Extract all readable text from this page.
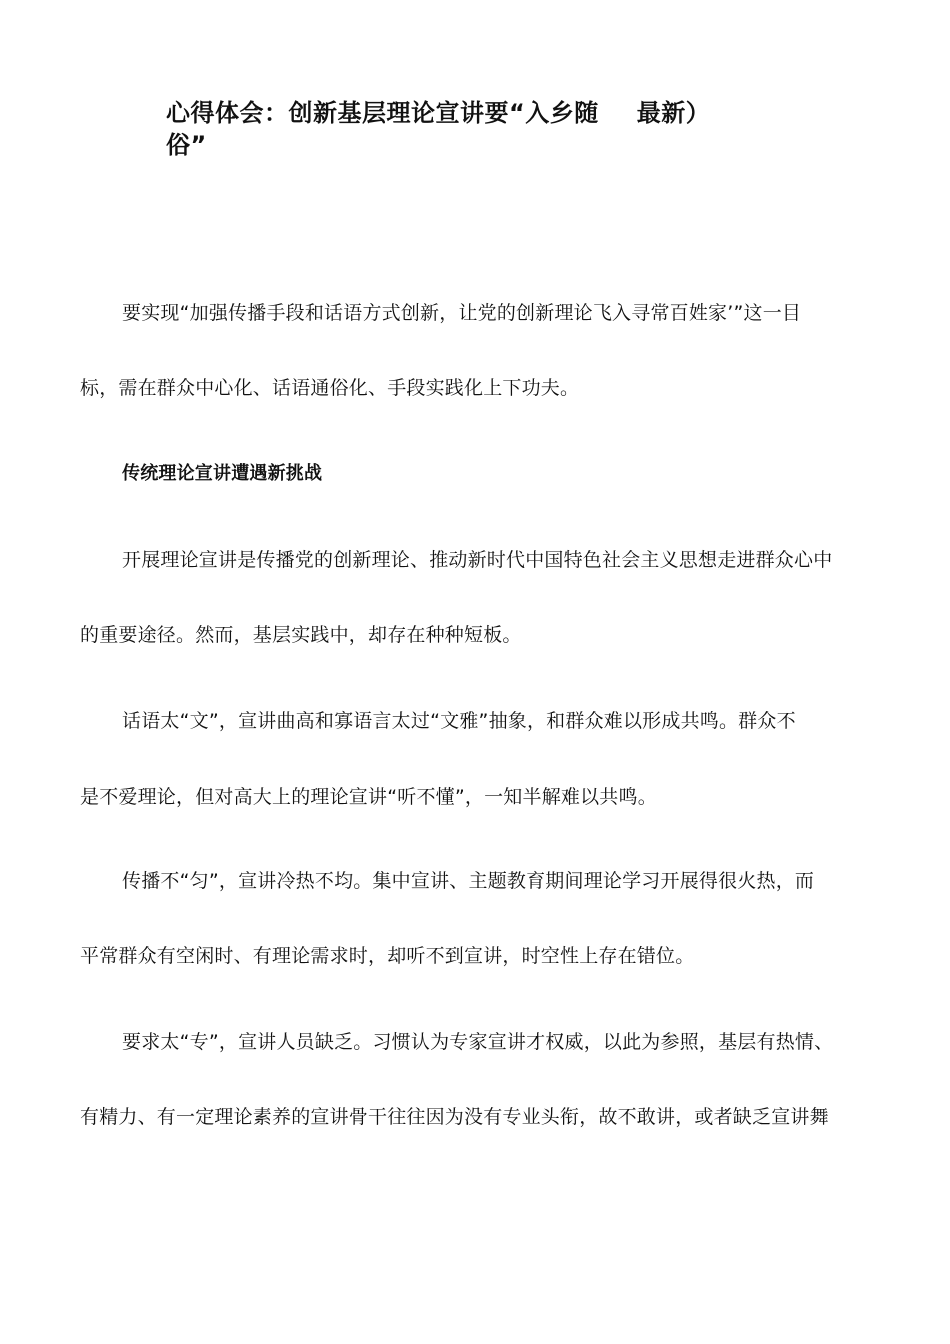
心得体会：创新基层理论宣讲要“入乡随 最新）
俗”
要实现“加强传播手段和话语方式创新，让党的创新理论飞入寻常百姓家’”这一目
标，需在群众中心化、话语通俗化、手段实践化上下功夫。
传统理论宣讲遭遇新挑战
开展理论宣讲是传播党的创新理论、推动新时代中国特色社会主义思想走进群众心中
的重要途径。然而，基层实践中，却存在种种短板。
话语太“文”，宣讲曲高和寡语言太过“文雅”抽象，和群众难以形成共鸣。群众不
是不爱理论，但对高大上的理论宣讲“听不懂”，一知半解难以共鸣。
传播不“匀”，宣讲冷热不均。集中宣讲、主题教育期间理论学习开展得很火热，而
平常群众有空闲时、有理论需求时，却听不到宣讲，时空性上存在错位。
要求太“专”，宣讲人员缺乏。习惯认为专家宣讲才权威，以此为参照，基层有热情、
有精力、有一定理论素养的宣讲骨干往往因为没有专业头衔，故不敢讲，或者缺乏宣讲舞
